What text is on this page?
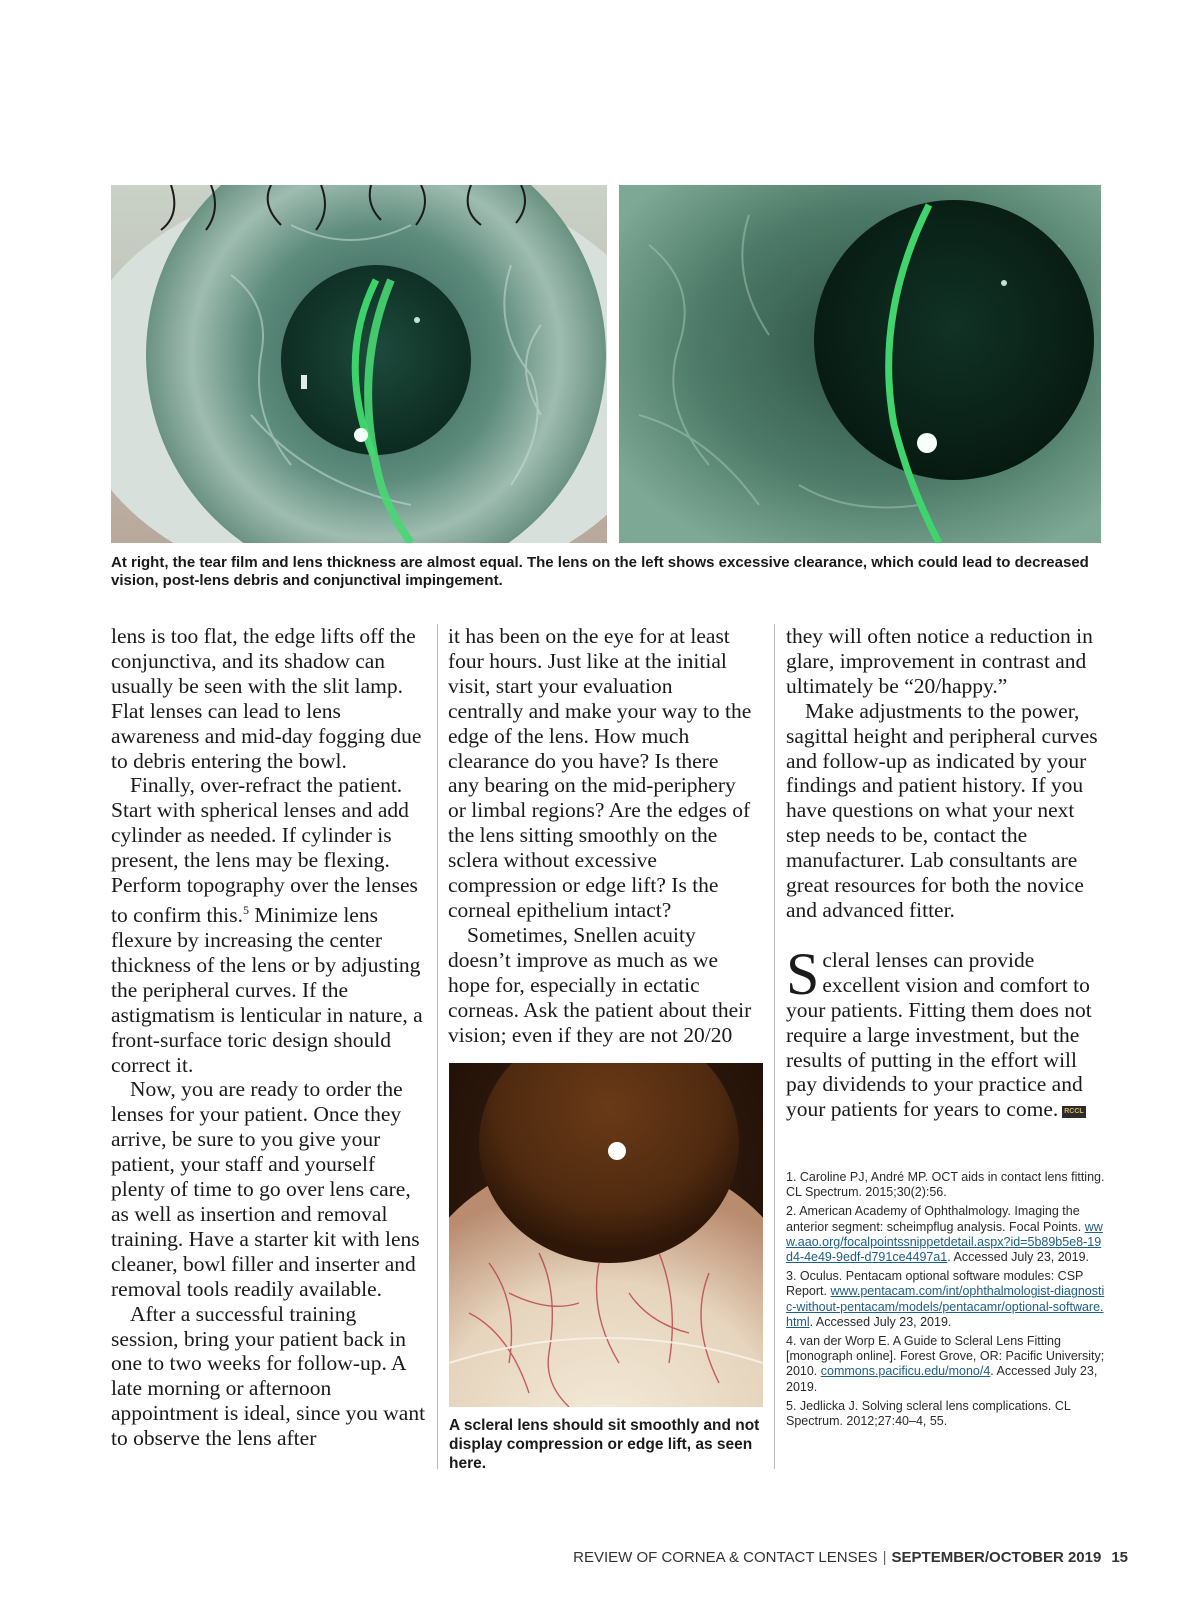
At right, the tear film and lens thickness are almost equal. The lens on the left shows excessive clearance, which could lead to decreased vision, post-lens debris and conjunctival impingement.

lens is too flat, the edge lifts off the conjunctiva, and its shadow can usually be seen with the slit lamp. Flat lenses can lead to lens awareness and mid-day fogging due to debris entering the bowl.

Finally, over-refract the patient. Start with spherical lenses and add cylinder as needed. If cylinder is present, the lens may be flexing. Perform topography over the lenses to confirm this.$^5$ Minimize lens flexure by increasing the center thickness of the lens or by adjusting the peripheral curves. If the astigmatism is lenticular in nature, a front-surface toric design should correct it.

Now, you are ready to order the lenses for your patient. Once they arrive, be sure to you give your patient, your staff and yourself plenty of time to go over lens care, as well as insertion and removal training. Have a starter kit with lens cleaner, bowl filler and inserter and removal tools readily available.

After a successful training session, bring your patient back in one to two weeks for follow-up. A late morning or afternoon appointment is ideal, since you want to observe the lens after

it has been on the eye for at least four hours. Just like at the initial visit, start your evaluation centrally and make your way to the edge of the lens. How much clearance do you have? Is there any bearing on the mid-periphery or limbal regions? Are the edges of the lens sitting smoothly on the sclera without excessive compression or edge lift? Is the corneal epithelium intact?

Sometimes, Snellen acuity doesn’t improve as much as we hope for, especially in ectatic corneas. Ask the patient about their vision; even if they are not 20/20

A scleral lens should sit smoothly and not display compression or edge lift, as seen here.

they will often notice a reduction in glare, improvement in contrast and ultimately be “20/happy.”

Make adjustments to the power, sagittal height and peripheral curves and follow-up as indicated by your findings and patient history. If you have questions on what your next step needs to be, contact the manufacturer. Lab consultants are great resources for both the novice and advanced fitter.

Scleral lenses can provide excellent vision and comfort to your patients. Fitting them does not require a large investment, but the results of putting in the effort will pay dividends to your practice and your patients for years to come. RCCL

1. Caroline PJ, André MP. OCT aids in contact lens fitting. CL Spectrum. 2015;30(2):56.

2. American Academy of Ophthalmology. Imaging the anterior segment: scheimpflug analysis. Focal Points. www.aao.org/focalpointssnippetdetail.aspx?id=5b89b5e8-19d4-4e49-9edf-d791ce4497a1. Accessed July 23, 2019.

3. Oculus. Pentacam optional software modules: CSP Report. www.pentacam.com/int/ophthalmologist-diagnostic-without-pentacam/models/pentacamr/optional-software.html. Accessed July 23, 2019.

4. van der Worp E. A Guide to Scleral Lens Fitting [monograph online]. Forest Grove, OR: Pacific University; 2010. commons.pacificu.edu/mono/4. Accessed July 23, 2019.

5. Jedlicka J. Solving scleral lens complications. CL Spectrum. 2012;27:40–4, 55.

REVIEW OF CORNEA & CONTACT LENSES | SEPTEMBER/OCTOBER 2019 15
